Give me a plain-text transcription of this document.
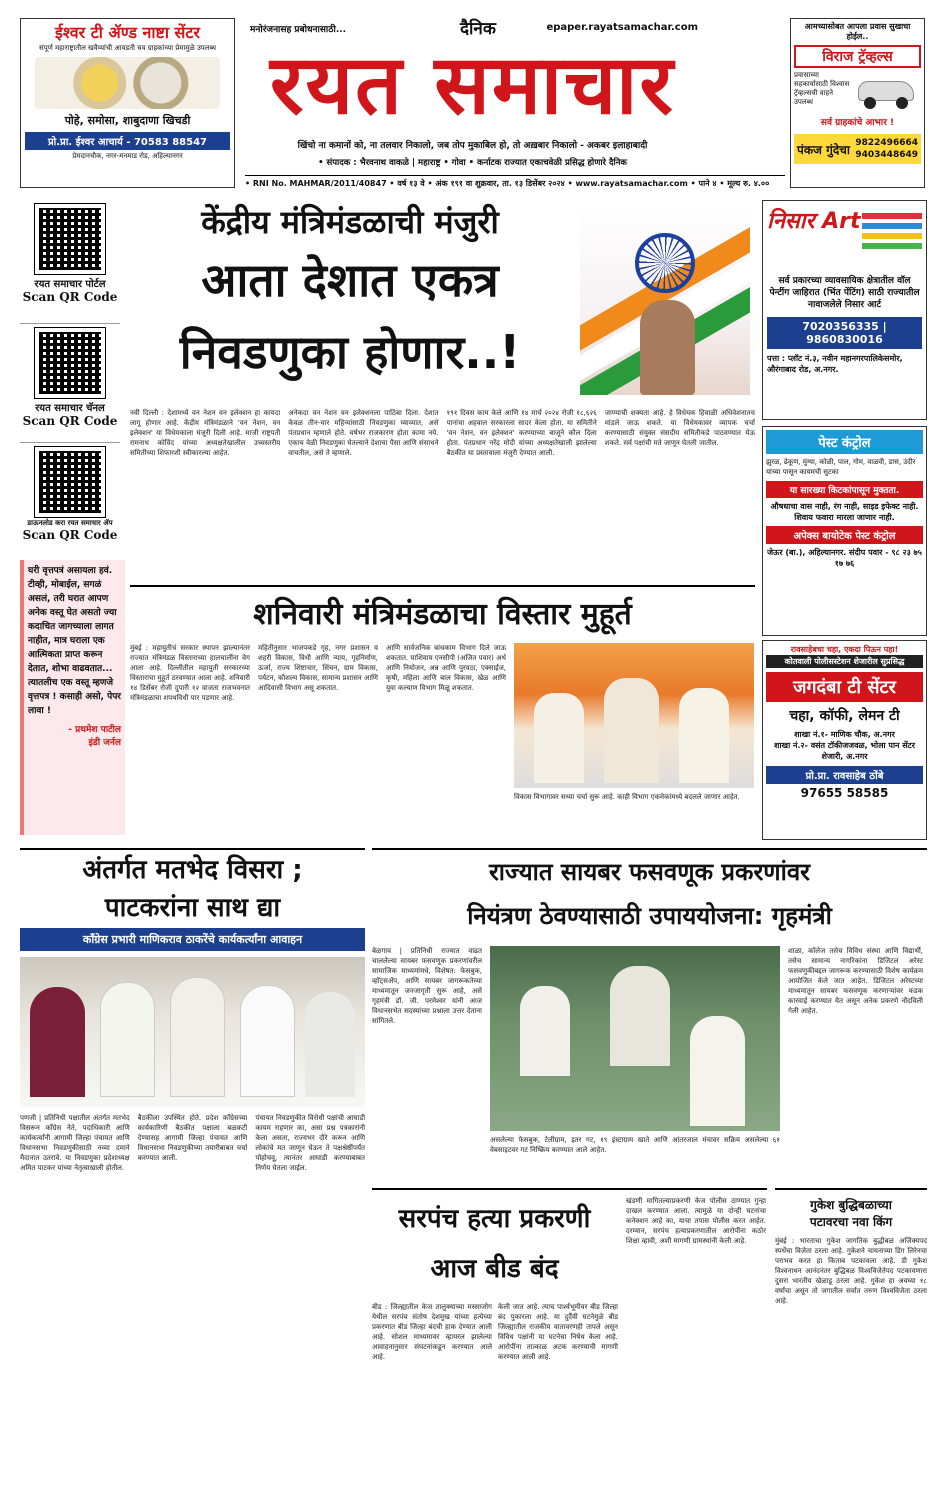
ईश्वर टी ॲण्ड नाष्टा सेंटर
संपूर्ण महाराष्ट्रातील खवैय्यांची आवडती चव ग्राहकांच्या प्रेमामुळे उपलब्ध
पोहे, समोसा, शाबुदाणा खिचडी
प्रो.प्रा. ईश्वर आचार्य - 70583 88547
प्रेमदानचौक, नगर-मनमाड रोड, अहिल्यानगर
मनोरंजनासह प्रबोधनासाठी...	दैनिक	epaper.rayatsamachar.com
रयत समाचार
खिंचो ना कमानों को, ना तलवार निकालो, जब तोप मुकाबिल हो, तो अख़बार निकालो - अकबर इलाहाबादी
• संपादक : भैरवनाथ वाकळे | महाराष्ट्र • गोवा • कर्नाटक राज्यात एकाचवेळी प्रसिद्ध होणारे दैनिक
आमच्यासोबत आपला प्रवास सुखाचा होईल..
विराज ट्रॅव्हल्स
प्रवासाच्या सहकार्यासाठी विश्वास ट्रॅव्हल्सची वाहने उपलब्ध
सर्व ग्राहकांचे आभार !
पंकज गुंदेचा 9822496664
9403448649
• RNI No. MAHMAR/2011/40847 • वर्ष १३ वे • अंक १९१ वा शुक्रवार, ता. १३ डिसेंबर २०२४ • www.rayatsamachar.com • पाने ४ • मूल्य रु. ४.००
रयत समाचार पोर्टल
Scan QR Code
रयत समाचार चॅनल
Scan QR Code
डाऊनलोड करा रयत समाचार ॲप
Scan QR Code
घरी वृत्तपत्रं असायला हवं. टीव्ही, मोबाईल, सगळं असलं, तरी घरात आपण अनेक वस्तू घेत असतो ज्या कदाचित जागच्याला लागत नाहीत, मात्र घराला एक आत्मिकता प्राप्त करून देतात, शोभा वाढवतात... त्यातलीच एक वस्तू म्हणजे वृत्तपत्र ! कसाही असो, पेपर लावा !
- प्रथमेश पाटील
इंडी जर्नल
केंद्रीय मंत्रिमंडळाची मंजुरी
आता देशात एकत्र
निवडणुका होणार..!
नवी दिल्ली : देशामध्ये वन नेशन वन इलेक्शन हा कायदा लागू होणार आहे. केंद्रीय मंत्रिमंडळाने 'वन नेशन, वन इलेक्शन' या विधेयकाला मंजुरी दिली आहे. माजी राष्ट्रपती रामनाथ कोविंद यांच्या अध्यक्षतेखालील उच्चस्तरीय समितीच्या शिफारशी स्वीकारल्या आहेत.
अनेकदा वन नेशन वन इलेक्शनला पाठिंबा दिला. देशात केवळ तीन-चार महिन्यांसाठी निवडणुका घ्याव्यात, असे पंतप्रधान म्हणाले होते. वर्षभर राजकारण होता कामा नये. एकाच वेळी निवडणुका घेतल्याने देशाचा पैसा आणि संसाधने वाचतील, असे ते म्हणाले.
१९१ दिवस काम केले आणि १४ मार्च २०२४ रोजी १८,६२६ पानांचा अहवाल सरकारला सादर केला होता. या समितीने 'वन नेशन, वन इलेक्शन' करण्याच्या बाजूने कौल दिला होता. पंतप्रधान नरेंद्र मोदी यांच्या अध्यक्षतेखाली झालेल्या बैठकीत या प्रस्तावाला मंजुरी देण्यात आली.
जाण्याची शक्यता आहे. हे विधेयक हिवाळी अधिवेशनातच मांडले जाऊ शकते. या विधेयकावर व्यापक चर्चा करण्यासाठी संयुक्त संसदीय समितीकडे पाठवण्यात येऊ शकते. सर्व पक्षांची मते जाणून घेतली जातील.
निसार Art
सर्व प्रकारच्या व्यावसायिक क्षेत्रातील वॉल पेन्टींग जाहिरात (भिंत पेंटिंग) साठी राज्यातील नावाजलेले निसार आर्ट
7020356335 | 9860830016
पत्ता : प्लॉट नं.३, नवीन महानगरपालिकेसमोर, औरंगाबाद रोड, अ.नगर.
पेस्ट कंट्रोल
झुरळ, ढेकूण, मुंग्या, कोळी, पाल, गोम, वाळवी, डास, उंदीर यांच्या पासून कायमची सुटका
या सारख्या किटकांपासून मुक्तता.
औषधाचा वास नाही, रंग नाही, साइड इफेक्ट नाही. शिवाय फवारा मारला जाणार नाही.
अपेक्स बायोटेक पेस्ट कंट्रोल
जेऊर (बा.), अहिल्यानगर. संदीप पवार - ९८ २३ ७५ १७ ७६
रावसाहेबचा चहा, एकदा पिऊन पहा!
कोतवाली पोलीसस्टेशन शेजारील सुप्रसिद्ध
जगदंबा टी सेंटर
चहा, कॉफी, लेमन टी
शाखा नं.१- माणिक चौक, अ.नगर
शाखा नं.२- वसंत टॉकीजजवळ, भोला पान सेंटर शेजारी, अ.नगर
प्रो.प्रा. रावसाहेब ठोंबे
97655 58585
शनिवारी मंत्रिमंडळाचा विस्तार मुहूर्त
मुंबई : महायुतीचं सरकार स्थापन झाल्यानंतर राज्यात मंत्रिमंडळ विस्ताराच्या हालचालींना वेग आला आहे. दिल्लीतील महायुती सरकारच्या विस्ताराचा मुहूर्त ठरवण्यात आला आहे. शनिवारी १४ डिसेंबर रोजी दुपारी १२ वाजता राजभवनात मंत्रिमंडळाचा शपथविधी पार पडणार आहे.
महितीनुसार भाजपकडे गृह, नगर प्रशासन व शहरी विकास, विधी आणि न्याय, गृहनिर्माण, ऊर्जा, राज्य शिष्टाचार, सिंचन, ग्राम विकास, पर्यटन, कौशल्य विकास, सामान्य प्रशासन आणि आदिवासी विभाग असू शकतात.
आणि सार्वजनिक बांधकाम विभाग दिले जाऊ शकतात. याशिवाय एनसीपी (अजित पवार) अर्थ आणि नियोजन, अन्न आणि पुरवठा, एक्साईज, कृषी, महिला आणि बाल विकास, खेळ आणि युवा कल्याण विभाग मिळू शकतात.
विकास विभागावर सध्या चर्चा सुरू आहे. काही विभाग एकमेकांमध्ये बदलले जाणार आहेत.
अंतर्गत मतभेद विसरा ;
पाटकरांना साथ द्या
कॉंग्रेस प्रभारी माणिकराव ठाकरेंचे कार्यकर्त्यांना आवाहन
पणजी | प्रतिनिधी पक्षातील अंतर्गत मतभेद विसरून कॉंग्रेस नेते, पदाधिकारी आणि कार्यकर्त्यांनी आगामी जिल्हा पंचायत आणि विधानसभा निवडणुकीसाठी नव्या दमाने मैदानात उतरावे. या निवडणुका प्रदेशाध्यक्ष अमित पाटकर यांच्या नेतृत्वाखाली होतील.
बैठकीला उपस्थित होते. प्रदेश कॉंग्रेसच्या कार्यकारिणी बैठकीत पक्षाला बळकटी देण्यासह आगामी जिल्हा पंचायत आणि विधानसभा निवडणुकीच्या तयारीबाबत चर्चा करण्यात आली.
पंचायत निवडणुकीत विरोधी पक्षांची आघाडी कायम राहणार का, असा प्रश्न पत्रकारांनी केला असता, राज्यभर दौरे करून आणि लोकांचे मत जाणून घेऊन ते पक्षश्रेष्ठींपर्यंत पोहोचवू, त्यानंतर आघाडी करण्याबाबत निर्णय घेतला जाईल.
राज्यात सायबर फसवणूक प्रकरणांवर
नियंत्रण ठेवण्यासाठी उपाययोजना: गृहमंत्री
बेळगाव | प्रतिनिधी राज्यात वाढत चाललेल्या सायबर फसवणूक प्रकरणांवरील सामाजिक माध्यमांमधे, विशेषत: फेसबुक, व्हॉट्सॲप, आणि सायबर जागरूकतेच्या माध्यमातून जनजागृती सुरू आहे, असे गृहमंत्री डॉ. जी. परमेश्वर यांनी आज विधानसभेत सदस्यांच्या प्रश्नाला उत्तर देताना सांगितले.
असलेल्या फेसबुक, टेलीग्राम, इतर गट, १९ इंस्टाग्राम खाते आणि आंतरजाल मंचावर सक्रिय असलेल्या ६१ वेबसाइटवर गट निष्क्रिय करण्यात आले आहेत.
शाळा, कॉलेज तसेच विविध संस्था आणि विद्यार्थी, तसेच सामान्य नागरिकांना डिजिटल अरेस्ट फसवणुकीबद्दल जागरूक करण्यासाठी विशेष कार्यक्रम आयोजित केले जात आहेत. डिजिटल अरेस्टच्या माध्यमातून सायबर फसवणूक करणाऱ्यांवर कडक कारवाई करण्यात येत असून अनेक प्रकरणे नोंदविली गेली आहेत.
सरपंच हत्या प्रकरणी
आज बीड बंद
बीड : जिल्ह्यातील केज तालुक्याच्या मस्साजोग येथील सरपंच संतोष देशमुख यांच्या हत्येच्या प्रकरणात बीड जिल्हा बंदची हाक देण्यात आली आहे. सोशल माध्यमावर व्हायरल झालेल्या आवाहनानुसार संघटनांकडून करण्यात आले आहे.
केली जात आहे. त्याच पार्श्वभूमीवर बीड जिल्हा बंद पुकारला आहे. या दुर्दैवी घटनेमुळे बीड जिल्ह्यातील राजकीय वातावरणही तापले असून विविध पक्षांनी या घटनेचा निषेध केला आहे. आरोपींना तात्काळ अटक करण्याची मागणी करण्यात आली आहे.
खंडणी मागितल्याप्रकरणी केज पोलीस ठाण्यात गुन्हा दाखल करण्यात आला. त्यामुळे या दोन्ही घटनांचा कनेक्शन आहे का, याचा तपास पोलीस करत आहेत. दरम्यान, सरपंच हत्याप्रकरणातील आरोपींना कठोर शिक्षा व्हावी, अशी मागणी ग्रामस्थांनी केली आहे.
गुकेश बुद्धिबळाच्या
पटावरचा नवा किंग
मुंबई : भारताचा गुकेश जागतिक बुद्धीबळ अजिंक्यपद स्पर्धेचा विजेता ठरला आहे. गुकेशने चायनाच्या डिंग लिरेनचा पराभव करत हा किताब पटकावला आहे. डी गुकेश विश्वनाथन आनंदनंतर बुद्धिबळ विश्वविजेतेपद पटकावणारा दुसरा भारतीय खेळाडू ठरला आहे. गुकेश हा अवघ्या १८ वर्षांचा असून तो जगातील सर्वात तरुण विश्वविजेता ठरला आहे.
